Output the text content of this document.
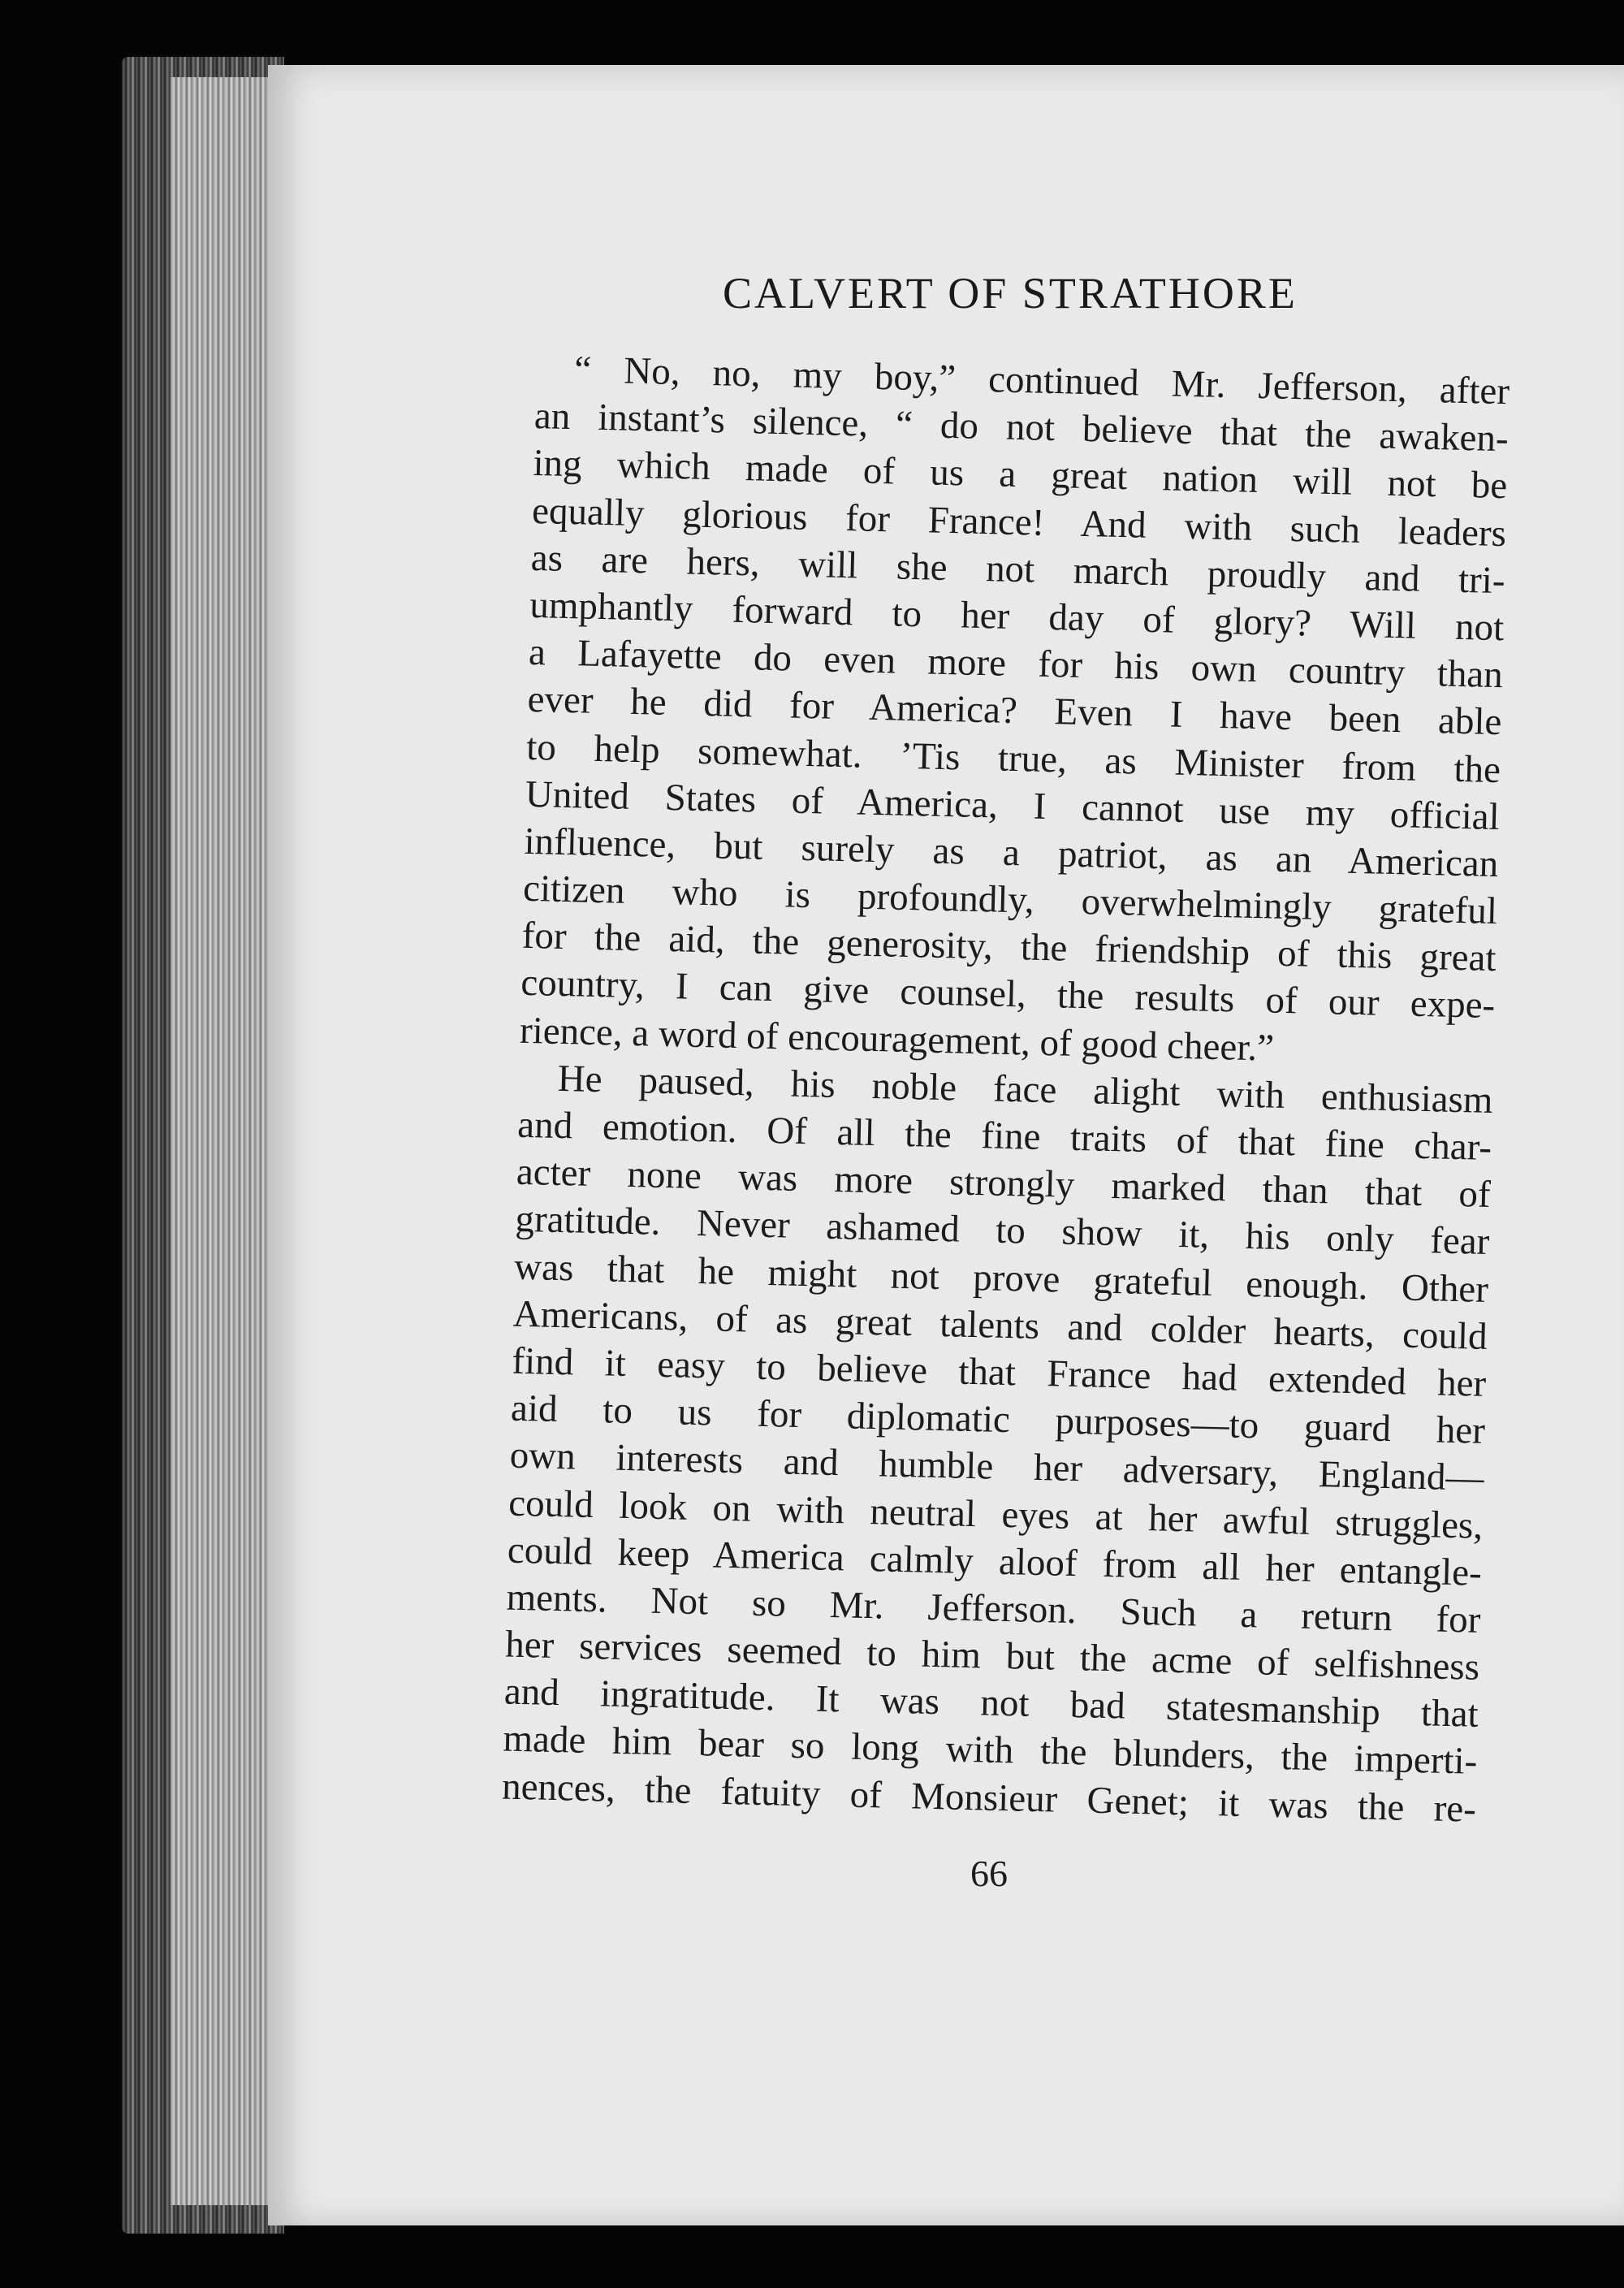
CALVERT OF STRATHORE
“ No, no, my boy,” continued Mr. Jefferson, after
an instant’s silence, “ do not believe that the awaken-
ing which made of us a great nation will not be
equally glorious for France! And with such leaders
as are hers, will she not march proudly and tri-
umphantly forward to her day of glory? Will not
a Lafayette do even more for his own country than
ever he did for America? Even I have been able
to help somewhat. ’Tis true, as Minister from the
United States of America, I cannot use my official
influence, but surely as a patriot, as an American
citizen who is profoundly, overwhelmingly grateful
for the aid, the generosity, the friendship of this great
country, I can give counsel, the results of our expe-
rience, a word of encouragement, of good cheer.”
He paused, his noble face alight with enthusiasm
and emotion. Of all the fine traits of that fine char-
acter none was more strongly marked than that of
gratitude. Never ashamed to show it, his only fear
was that he might not prove grateful enough. Other
Americans, of as great talents and colder hearts, could
find it easy to believe that France had extended her
aid to us for diplomatic purposes—to guard her
own interests and humble her adversary, England—
could look on with neutral eyes at her awful struggles,
could keep America calmly aloof from all her entangle-
ments. Not so Mr. Jefferson. Such a return for
her services seemed to him but the acme of selfishness
and ingratitude. It was not bad statesmanship that
made him bear so long with the blunders, the imperti-
nences, the fatuity of Monsieur Genet; it was the re-
66
